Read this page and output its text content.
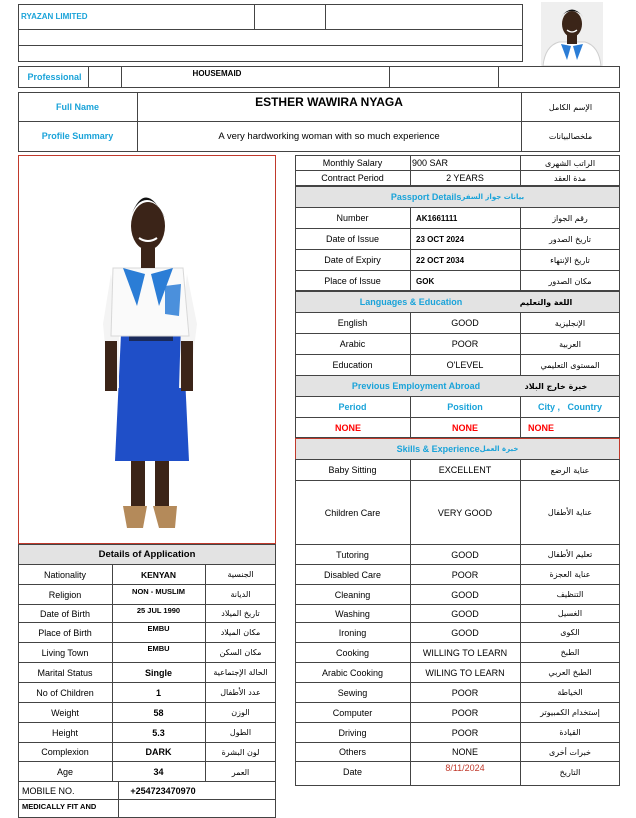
RYAZAN LIMITED
Professional	HOUSEMAID
Full Name	ESTHER WAWIRA NYAGA	الإسم الكامل
Profile Summary	A very hardworking woman with so much experience	ملخصالبيانات
Monthly Salary	900 SAR	الراتب الشهرى
Contract Period	2 YEARS	مدة العقد
Passport Details بيانات جواز السفر
Number	AK1661111	رقم الجواز
Date of Issue	23 OCT 2024	تاريخ الصدور
Date of Expiry	22 OCT 2034	تاريخ الإنتهاء
Place of Issue	GOK	مكان الصدور
Languages & Education	اللغة والتعليم
English	GOOD	الإنجليزية
Arabic	POOR	العربية
Education	O'LEVEL	المستوى التعليمي
Previous Employment Abroad	خبرة خارج البلاد
Period	Position	City ,   Country
NONE	NONE	NONE
Skills & Experience خبرة العمل
Baby Sitting	EXCELLENT	عناية الرضع
Children Care	VERY GOOD	عناية الأطفال
Tutoring	GOOD	تعليم الأطفال
Disabled Care	POOR	عناية العجزة
Cleaning	GOOD	التنظيف
Washing	GOOD	الغسيل
Ironing	GOOD	الكوى
Cooking	WILLING TO LEARN	الطبخ
Arabic Cooking	WILING TO LEARN	الطبخ العربي
Sewing	POOR	الخياطة
Computer	POOR	إستخدام الكمبيوتر
Driving	POOR	القيادة
Others	NONE	خبرات أخرى
Date	8/11/2024	التاريخ
Details of Application
Nationality	KENYAN	الجنسية
Religion	NON - MUSLIM	الديانة
Date of Birth	25 JUL 1990	تاريخ الميلاد
Place of Birth	EMBU	مكان الميلاد
Living Town	EMBU	مكان السكن
Marital Status	Single	الحالة الإجتماعية
No of Children	1	عدد الأطفال
Weight	58	الوزن
Height	5.3	الطول
Complexion	DARK	لون البشرة
Age	34	العمر
MOBILE NO.	+254723470970
MEDICALLY FIT AND
